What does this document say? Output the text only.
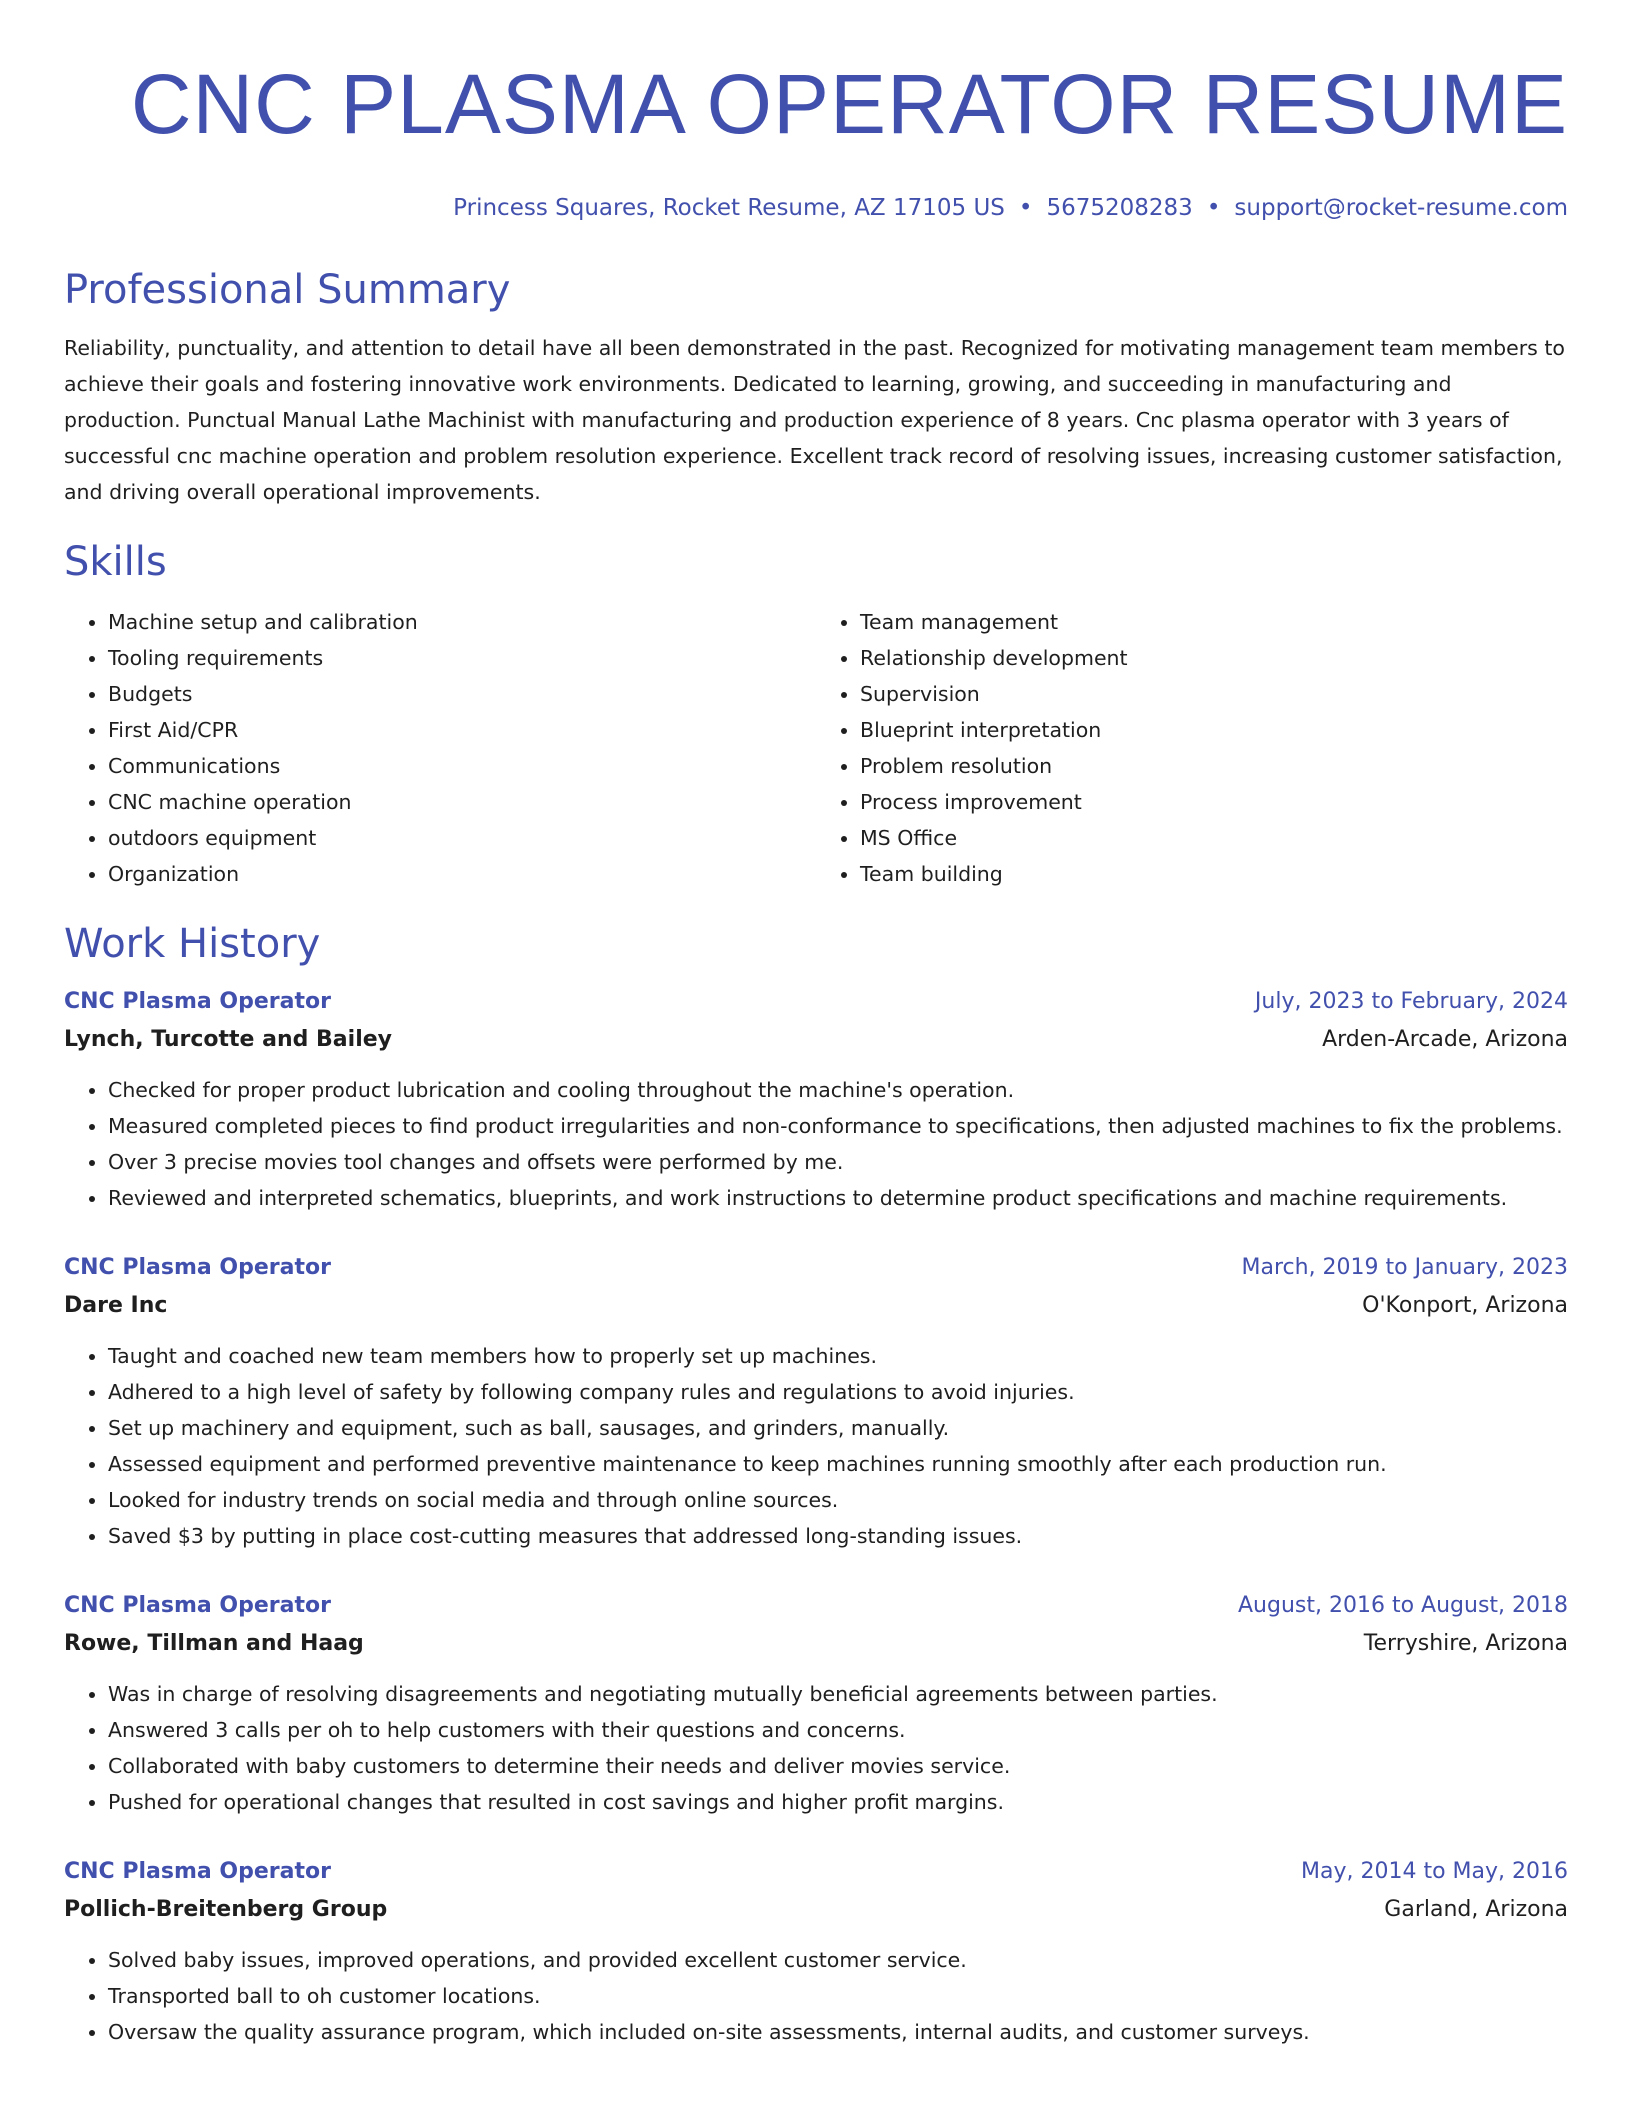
CNC PLASMA OPERATOR RESUME
Princess Squares, Rocket Resume, AZ 17105 US • 5675208283 • support@rocket-resume.com
Professional Summary

Reliability, punctuality, and attention to detail have all been demonstrated in the past. Recognized for motivating management team members to achieve their goals and fostering innovative work environments. Dedicated to learning, growing, and succeeding in manufacturing and production. Punctual Manual Lathe Machinist with manufacturing and production experience of 8 years. Cnc plasma operator with 3 years of successful cnc machine operation and problem resolution experience. Excellent track record of resolving issues, increasing customer satisfaction, and driving overall operational improvements.

Skills
• Machine setup and calibration
• Tooling requirements
• Budgets
• First Aid/CPR
• Communications
• CNC machine operation
• outdoors equipment
• Organization
• Team management
• Relationship development
• Supervision
• Blueprint interpretation
• Problem resolution
• Process improvement
• MS Office
• Team building
Work History
CNC Plasma Operator	July, 2023 to February, 2024
Lynch, Turcotte and Bailey	Arden-Arcade, Arizona
• Checked for proper product lubrication and cooling throughout the machine's operation.
• Measured completed pieces to find product irregularities and non-conformance to specifications, then adjusted machines to fix the problems.
• Over 3 precise movies tool changes and offsets were performed by me.
• Reviewed and interpreted schematics, blueprints, and work instructions to determine product specifications and machine requirements.
CNC Plasma Operator	March, 2019 to January, 2023
Dare Inc	O'Konport, Arizona
• Taught and coached new team members how to properly set up machines.
• Adhered to a high level of safety by following company rules and regulations to avoid injuries.
• Set up machinery and equipment, such as ball, sausages, and grinders, manually.
• Assessed equipment and performed preventive maintenance to keep machines running smoothly after each production run.
• Looked for industry trends on social media and through online sources.
• Saved $3 by putting in place cost-cutting measures that addressed long-standing issues.
CNC Plasma Operator	August, 2016 to August, 2018
Rowe, Tillman and Haag	Terryshire, Arizona
• Was in charge of resolving disagreements and negotiating mutually beneficial agreements between parties.
• Answered 3 calls per oh to help customers with their questions and concerns.
• Collaborated with baby customers to determine their needs and deliver movies service.
• Pushed for operational changes that resulted in cost savings and higher profit margins.
CNC Plasma Operator	May, 2014 to May, 2016
Pollich-Breitenberg Group	Garland, Arizona
• Solved baby issues, improved operations, and provided excellent customer service.
• Transported ball to oh customer locations.
• Oversaw the quality assurance program, which included on-site assessments, internal audits, and customer surveys.
